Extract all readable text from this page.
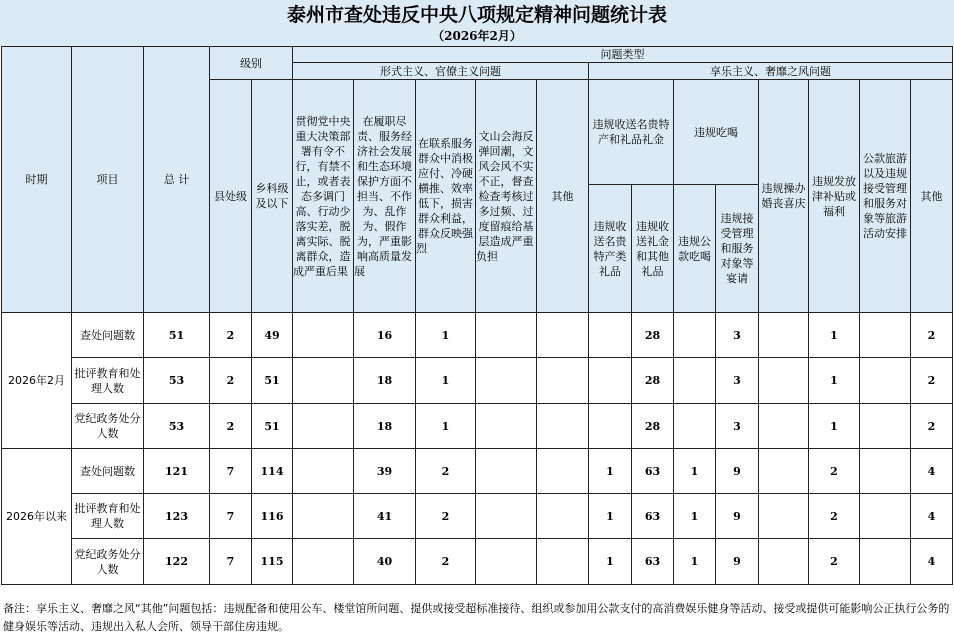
泰州市查处违反中央八项规定精神问题统计表
（2026年2月）
时期	项目	总 计	级别		问题类型												
					形式主义、官僚主义问题					享乐主义、奢靡之风问题							
			县处级	乡科级及以下	贯彻党中央重大决策部署有令不行，有禁不止，或者表态多调门高、行动少落实差，脱离实际、脱离群众，造成严重后果	在履职尽责、服务经济社会发展和生态环境保护方面不担当、不作为、乱作为、假作为，严重影响高质量发展	在联系服务群众中消极应付、冷硬横推、效率低下，损害群众利益，群众反映强烈	文山会海反弹回潮，文风会风不实不正，督查检查考核过多过频、过度留痕给基层造成严重负担	其他	违规收送名贵特产和礼品礼金		违规吃喝		违规操办婚丧喜庆	违规发放津补贴或福利	公款旅游以及违规接受管理和服务对象等旅游活动安排	其他
										违规收送名贵特产类礼品	违规收送礼金和其他礼品	违规公款吃喝	违规接受管理和服务对象等宴请				
2026年2月	查处问题数	51	2	49		16	1				28		3		1		2
	批评教育和处理人数	53	2	51		18	1				28		3		1		2
	党纪政务处分人数	53	2	51		18	1				28		3		1		2
2026年以来	查处问题数	121	7	114		39	2			1	63	1	9		2		4
	批评教育和处理人数	123	7	116		41	2			1	63	1	9		2		4
	党纪政务处分人数	122	7	115		40	2			1	63	1	9		2		4
备注：享乐主义、奢靡之风“其他”问题包括：违规配备和使用公车、楼堂馆所问题、提供或接受超标准接待、组织或参加用公款支付的高消费娱乐健身等活动、接受或提供可能影响公正执行公务的健身娱乐等活动、违规出入私人会所、领导干部住房违规。
